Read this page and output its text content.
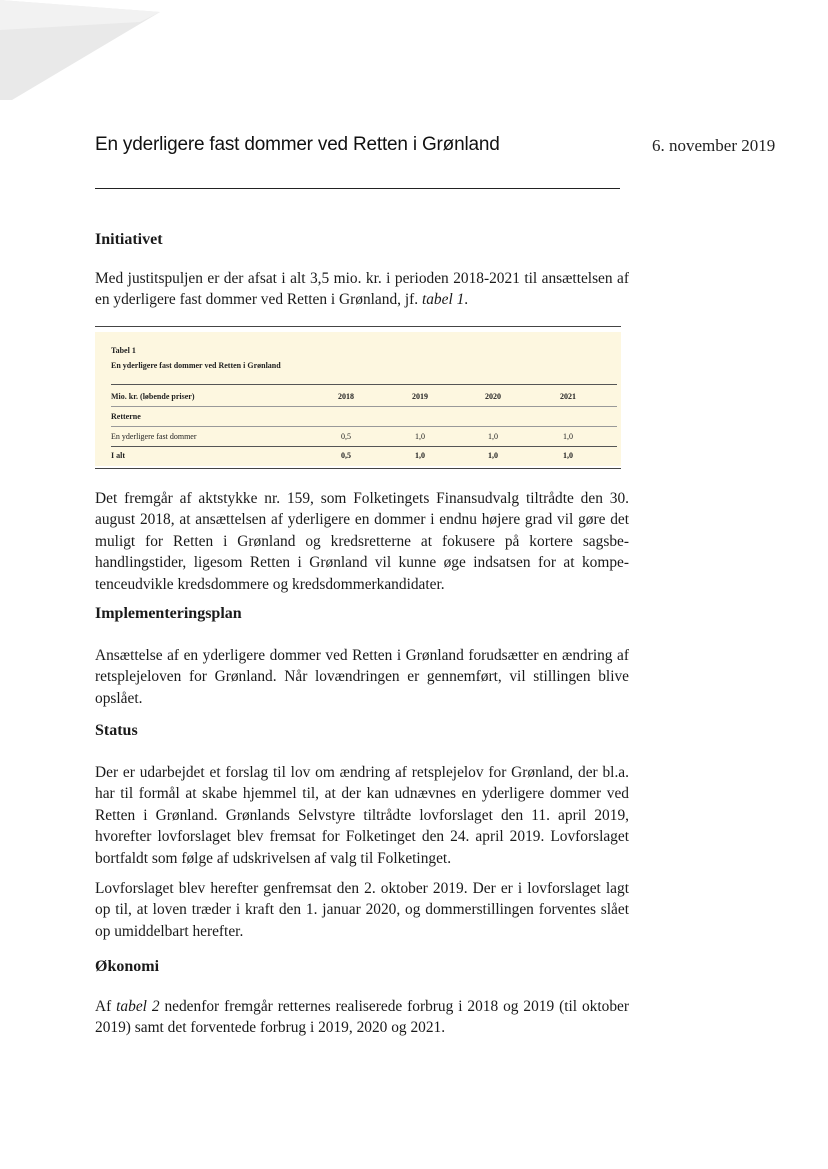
En yderligere fast dommer ved Retten i Grønland	6. november 2019
Initiativet

Med justitspuljen er der afsat i alt 3,5 mio. kr. i perioden 2018-2021 til ansættelsen af en yderligere fast dommer ved Retten i Grønland, jf. tabel 1.

Tabel 1
En yderligere fast dommer ved Retten i Grønland
Mio. kr. (løbende priser)	2018	2019	2020	2021
Retterne
En yderligere fast dommer	0,5	1,0	1,0	1,0
I alt	0,5	1,0	1,0	1,0

Det fremgår af aktstykke nr. 159, som Folketingets Finansudvalg tiltrådte den 30. august 2018, at ansættelsen af yderligere en dommer i endnu højere grad vil gøre det muligt for Retten i Grønland og kredsretterne at fokusere på kortere sagsbehandlingstider, ligesom Retten i Grønland vil kunne øge indsatsen for at kompetenceudvikle kredsdommere og kredsdommerkandidater.

Implementeringsplan

Ansættelse af en yderligere dommer ved Retten i Grønland forudsætter en ændring af retsplejeloven for Grønland. Når lovændringen er gennemført, vil stillingen blive opslået.

Status

Der er udarbejdet et forslag til lov om ændring af retsplejelov for Grønland, der bl.a. har til formål at skabe hjemmel til, at der kan udnævnes en yderligere dommer ved Retten i Grønland. Grønlands Selvstyre tiltrådte lovforslaget den 11. april 2019, hvorefter lovforslaget blev fremsat for Folketinget den 24. april 2019. Lovforslaget bortfaldt som følge af udskrivelsen af valg til Folketinget.

Lovforslaget blev herefter genfremsat den 2. oktober 2019. Der er i lovforslaget lagt op til, at loven træder i kraft den 1. januar 2020, og dommerstillingen forventes slået op umiddelbart herefter.

Økonomi

Af tabel 2 nedenfor fremgår retternes realiserede forbrug i 2018 og 2019 (til oktober 2019) samt det forventede forbrug i 2019, 2020 og 2021.
